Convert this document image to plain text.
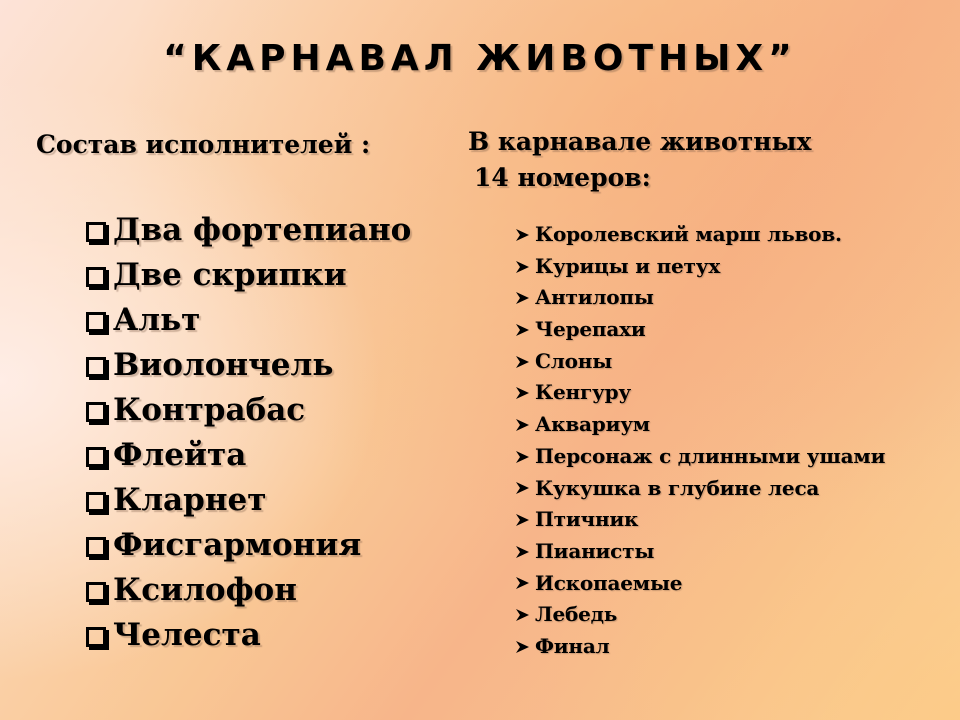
“КАРНАВАЛ ЖИВОТНЫХ”
Состав исполнителей :	В карнавале животных
14 номеров:
Два фортепиано
Две скрипки
Альт
Виолончель
Контрабас
Флейта
Кларнет
Фисгармония
Ксилофон
Челеста
Королевский марш львов.
Курицы и петух
Антилопы
Черепахи
Слоны
Кенгуру
Аквариум
Персонаж с длинными ушами
Кукушка в глубине леса
Птичник
Пианисты
Ископаемые
Лебедь
Финал
